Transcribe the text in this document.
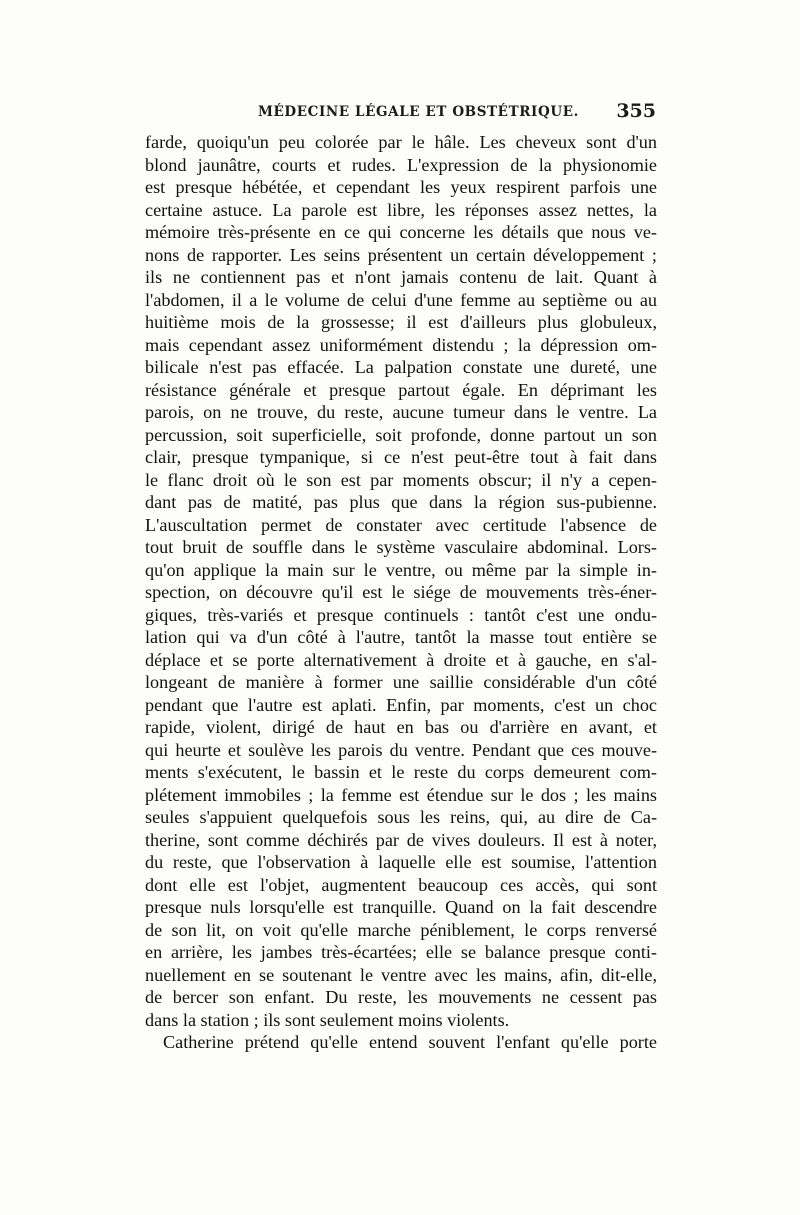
MÉDECINE LÉGALE ET OBSTÉTRIQUE. 355
farde, quoiqu'un peu colorée par le hâle. Les cheveux sont d'un
blond jaunâtre, courts et rudes. L'expression de la physionomie
est presque hébétée, et cependant les yeux respirent parfois une
certaine astuce. La parole est libre, les réponses assez nettes, la
mémoire très-présente en ce qui concerne les détails que nous ve-
nons de rapporter. Les seins présentent un certain développement ;
ils ne contiennent pas et n'ont jamais contenu de lait. Quant à
l'abdomen, il a le volume de celui d'une femme au septième ou au
huitième mois de la grossesse; il est d'ailleurs plus globuleux,
mais cependant assez uniformément distendu ; la dépression om-
bilicale n'est pas effacée. La palpation constate une dureté, une
résistance générale et presque partout égale. En déprimant les
parois, on ne trouve, du reste, aucune tumeur dans le ventre. La
percussion, soit superficielle, soit profonde, donne partout un son
clair, presque tympanique, si ce n'est peut-être tout à fait dans
le flanc droit où le son est par moments obscur; il n'y a cepen-
dant pas de matité, pas plus que dans la région sus-pubienne.
L'auscultation permet de constater avec certitude l'absence de
tout bruit de souffle dans le système vasculaire abdominal. Lors-
qu'on applique la main sur le ventre, ou même par la simple in-
spection, on découvre qu'il est le siége de mouvements très-éner-
giques, très-variés et presque continuels : tantôt c'est une ondu-
lation qui va d'un côté à l'autre, tantôt la masse tout entière se
déplace et se porte alternativement à droite et à gauche, en s'al-
longeant de manière à former une saillie considérable d'un côté
pendant que l'autre est aplati. Enfin, par moments, c'est un choc
rapide, violent, dirigé de haut en bas ou d'arrière en avant, et
qui heurte et soulève les parois du ventre. Pendant que ces mouve-
ments s'exécutent, le bassin et le reste du corps demeurent com-
plétement immobiles ; la femme est étendue sur le dos ; les mains
seules s'appuient quelquefois sous les reins, qui, au dire de Ca-
therine, sont comme déchirés par de vives douleurs. Il est à noter,
du reste, que l'observation à laquelle elle est soumise, l'attention
dont elle est l'objet, augmentent beaucoup ces accès, qui sont
presque nuls lorsqu'elle est tranquille. Quand on la fait descendre
de son lit, on voit qu'elle marche péniblement, le corps renversé
en arrière, les jambes très-écartées; elle se balance presque conti-
nuellement en se soutenant le ventre avec les mains, afin, dit-elle,
de bercer son enfant. Du reste, les mouvements ne cessent pas
dans la station ; ils sont seulement moins violents.
Catherine prétend qu'elle entend souvent l'enfant qu'elle porte
